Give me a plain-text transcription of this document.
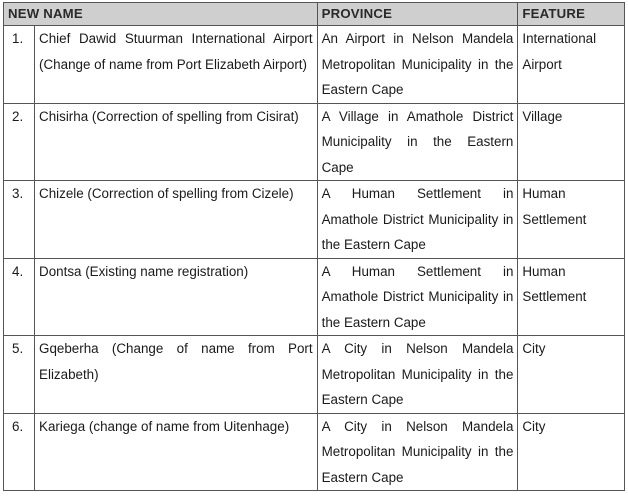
NEW NAME		PROVINCE	FEATURE
1.	Chief Dawid Stuurman International Airport (Change of name from Port Elizabeth Airport)	An Airport in Nelson Mandela Metropolitan Municipality in the Eastern Cape	International Airport
2.	Chisirha (Correction of spelling from Cisirat)	A Village in Amathole District Municipality in the Eastern Cape	Village
3.	Chizele (Correction of spelling from Cizele)	A Human Settlement in Amathole District Municipality in the Eastern Cape	Human Settlement
4.	Dontsa (Existing name registration)	A Human Settlement in Amathole District Municipality in the Eastern Cape	Human Settlement
5.	Gqeberha (Change of name from Port Elizabeth)	A City in Nelson Mandela Metropolitan Municipality in the Eastern Cape	City
6.	Kariega (change of name from Uitenhage)	A City in Nelson Mandela Metropolitan Municipality in the Eastern Cape	City
